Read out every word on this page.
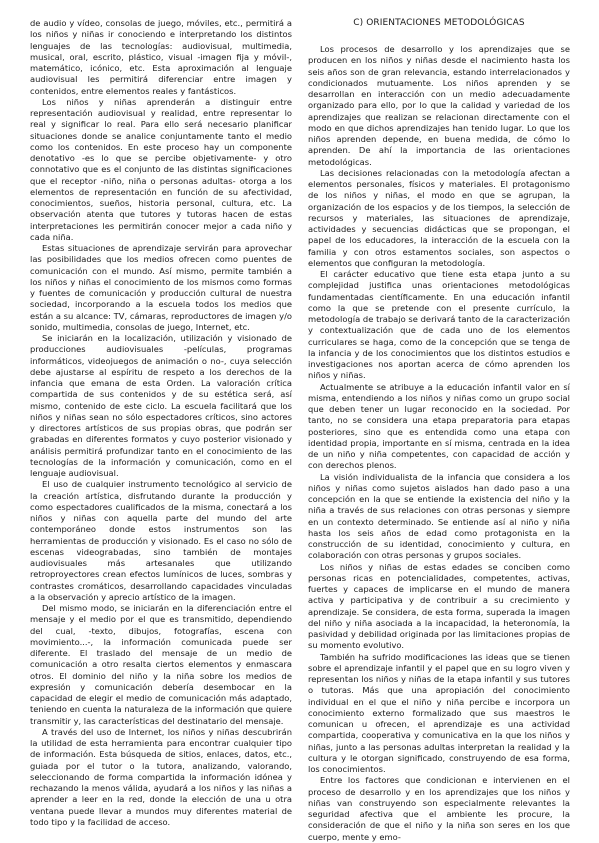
de audio y vídeo, consolas de juego, móviles, etc., permitirá a los niños y niñas ir conociendo e interpretando los distintos lenguajes de las tecnologías: audiovisual, multimedia, musical, oral, escrito, plástico, visual -imagen fija y móvil-, matemático, icónico, etc. Esta aproximación al lenguaje audiovisual les permitirá diferenciar entre imagen y contenidos, entre elementos reales y fantásticos.

Los niños y niñas aprenderán a distinguir entre representación audiovisual y realidad, entre representar lo real y significar lo real. Para ello será necesario planificar situaciones donde se analice conjuntamente tanto el medio como los contenidos. En este proceso hay un componente denotativo -es lo que se percibe objetivamente- y otro connotativo que es el conjunto de las distintas significaciones que el receptor -niño, niña o personas adultas- otorga a los elementos de representación en función de su afectividad, conocimientos, sueños, historia personal, cultura, etc. La observación atenta que tutores y tutoras hacen de estas interpretaciones les permitirán conocer mejor a cada niño y cada niña.

Estas situaciones de aprendizaje servirán para aprovechar las posibilidades que los medios ofrecen como puentes de comunicación con el mundo. Así mismo, permite también a los niños y niñas el conocimiento de los mismos como formas y fuentes de comunicación y producción cultural de nuestra sociedad, incorporando a la escuela todos los medios que están a su alcance: TV, cámaras, reproductores de imagen y/o sonido, multimedia, consolas de juego, Internet, etc.

Se iniciarán en la localización, utilización y visionado de producciones audiovisuales -películas, programas informáticos, videojuegos de animación o no-, cuya selección debe ajustarse al espíritu de respeto a los derechos de la infancia que emana de esta Orden. La valoración crítica compartida de sus contenidos y de su estética será, así mismo, contenido de este ciclo. La escuela facilitará que los niños y niñas sean no sólo espectadores críticos, sino actores y directores artísticos de sus propias obras, que podrán ser grabadas en diferentes formatos y cuyo posterior visionado y análisis permitirá profundizar tanto en el conocimiento de las tecnologías de la información y comunicación, como en el lenguaje audiovisual.

El uso de cualquier instrumento tecnológico al servicio de la creación artística, disfrutando durante la producción y como espectadores cualificados de la misma, conectará a los niños y niñas con aquella parte del mundo del arte contemporáneo donde estos instrumentos son las herramientas de producción y visionado. Es el caso no sólo de escenas videograbadas, sino también de montajes audiovisuales más artesanales que utilizando retroproyectores crean efectos lumínicos de luces, sombras y contrastes cromáticos, desarrollando capacidades vinculadas a la observación y aprecio artístico de la imagen.

Del mismo modo, se iniciarán en la diferenciación entre el mensaje y el medio por el que es transmitido, dependiendo del cual, -texto, dibujos, fotografías, escena con movimiento...-, la información comunicada puede ser diferente. El traslado del mensaje de un medio de comunicación a otro resalta ciertos elementos y enmascara otros. El dominio del niño y la niña sobre los medios de expresión y comunicación debería desembocar en la capacidad de elegir el medio de comunicación más adaptado, teniendo en cuenta la naturaleza de la información que quiere transmitir y, las características del destinatario del mensaje.

A través del uso de Internet, los niños y niñas descubrirán la utilidad de esta herramienta para encontrar cualquier tipo de información. Esta búsqueda de sitios, enlaces, datos, etc., guiada por el tutor o la tutora, analizando, valorando, seleccionando de forma compartida la información idónea y rechazando la menos válida, ayudará a los niños y las niñas a aprender a leer en la red, donde la elección de una u otra ventana puede llevar a mundos muy diferentes material de todo tipo y la facilidad de acceso.

C) ORIENTACIONES METODOLÓGICAS

Los procesos de desarrollo y los aprendizajes que se producen en los niños y niñas desde el nacimiento hasta los seis años son de gran relevancia, estando interrelacionados y condicionados mutuamente. Los niños aprenden y se desarrollan en interacción con un medio adecuadamente organizado para ello, por lo que la calidad y variedad de los aprendizajes que realizan se relacionan directamente con el modo en que dichos aprendizajes han tenido lugar. Lo que los niños aprenden depende, en buena medida, de cómo lo aprenden. De ahí la importancia de las orientaciones metodológicas.

Las decisiones relacionadas con la metodología afectan a elementos personales, físicos y materiales. El protagonismo de los niños y niñas, el modo en que se agrupan, la organización de los espacios y de los tiempos, la selección de recursos y materiales, las situaciones de aprendizaje, actividades y secuencias didácticas que se propongan, el papel de los educadores, la interacción de la escuela con la familia y con otros estamentos sociales, son aspectos o elementos que configuran la metodología.

El carácter educativo que tiene esta etapa junto a su complejidad justifica unas orientaciones metodológicas fundamentadas científicamente. En una educación infantil como la que se pretende con el presente currículo, la metodología de trabajo se derivará tanto de la caracterización y contextualización que de cada uno de los elementos curriculares se haga, como de la concepción que se tenga de la infancia y de los conocimientos que los distintos estudios e investigaciones nos aportan acerca de cómo aprenden los niños y niñas.

Actualmente se atribuye a la educación infantil valor en sí misma, entendiendo a los niños y niñas como un grupo social que deben tener un lugar reconocido en la sociedad. Por tanto, no se considera una etapa preparatoria para etapas posteriores, sino que es entendida como una etapa con identidad propia, importante en sí misma, centrada en la idea de un niño y niña competentes, con capacidad de acción y con derechos plenos.

La visión individualista de la infancia que considera a los niños y niñas como sujetos aislados han dado paso a una concepción en la que se entiende la existencia del niño y la niña a través de sus relaciones con otras personas y siempre en un contexto determinado. Se entiende así al niño y niña hasta los seis años de edad como protagonista en la construcción de su identidad, conocimiento y cultura, en colaboración con otras personas y grupos sociales.

Los niños y niñas de estas edades se conciben como personas ricas en potencialidades, competentes, activas, fuertes y capaces de implicarse en el mundo de manera activa y participativa y de contribuir a su crecimiento y aprendizaje. Se considera, de esta forma, superada la imagen del niño y niña asociada a la incapacidad, la heteronomía, la pasividad y debilidad originada por las limitaciones propias de su momento evolutivo.

También ha sufrido modificaciones las ideas que se tienen sobre el aprendizaje infantil y el papel que en su logro viven y representan los niños y niñas de la etapa infantil y sus tutores o tutoras. Más que una apropiación del conocimiento individual en el que el niño y niña percibe e incorpora un conocimiento externo formalizado que sus maestros le comunican u ofrecen, el aprendizaje es una actividad compartida, cooperativa y comunicativa en la que los niños y niñas, junto a las personas adultas interpretan la realidad y la cultura y le otorgan significado, construyendo de esa forma, los conocimientos.

Entre los factores que condicionan e intervienen en el proceso de desarrollo y en los aprendizajes que los niños y niñas van construyendo son especialmente relevantes la seguridad afectiva que el ambiente les procure, la consideración de que el niño y la niña son seres en los que cuerpo, mente y emo-
